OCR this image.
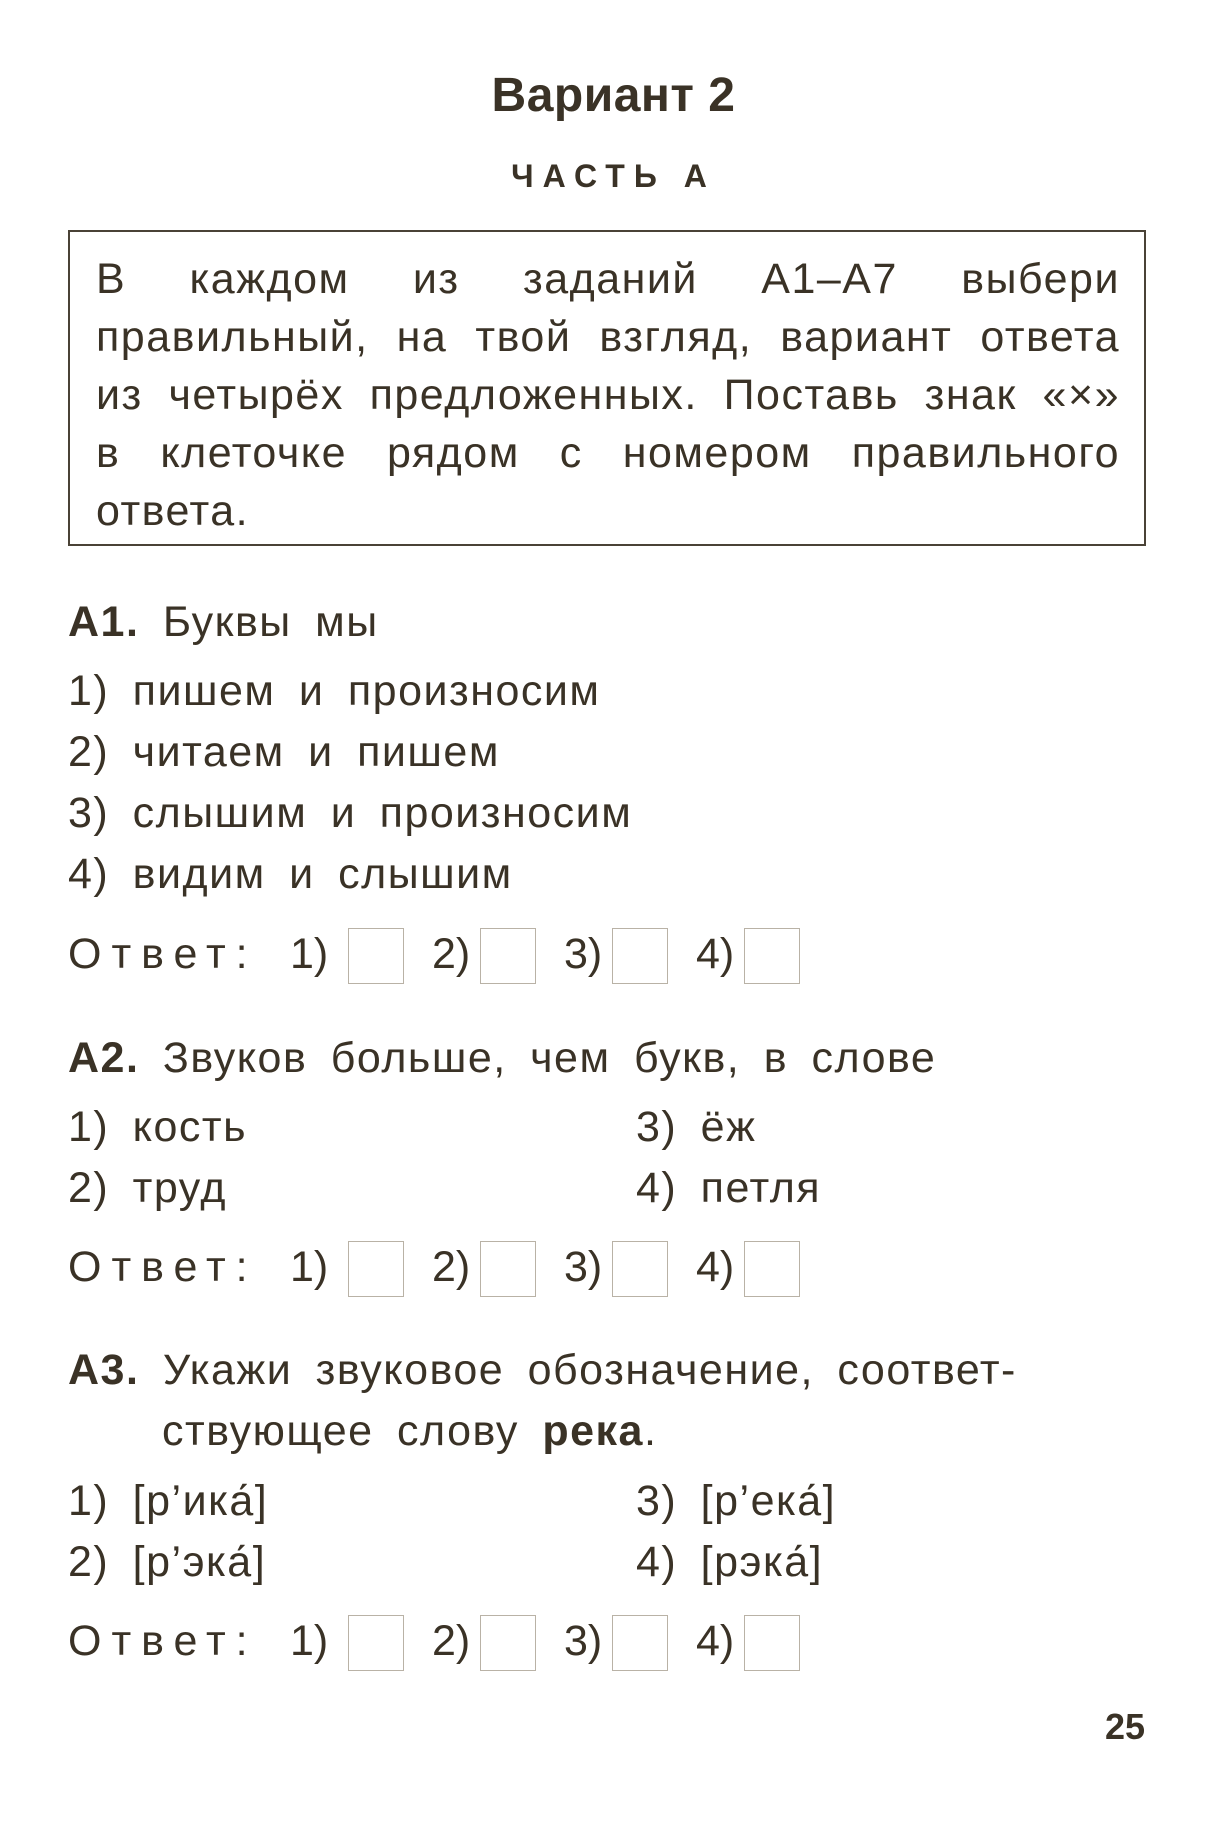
Вариант 2
ЧАСТЬ А
В каждом из заданий А1–А7 выбери правильный, на твой взгляд, вариант ответа из четырёх предложенных. Поставь знак «×» в клеточке рядом с номером правильного ответа.
А1. Буквы мы
1) пишем и произносим
2) читаем и пишем
3) слышим и произносим
4) видим и слышим
Ответ: 1) 2) 3) 4)
А2. Звуков больше, чем букв, в слове
1) кость
2) труд
3) ёж
4) петля
Ответ: 1) 2) 3) 4)
А3. Укажи звуковое обозначение, соответ-
ствующее слову река.
1) [р’ика́]
2) [р’эка́]
3) [р’ека́]
4) [рэка́]
Ответ: 1) 2) 3) 4)
25
